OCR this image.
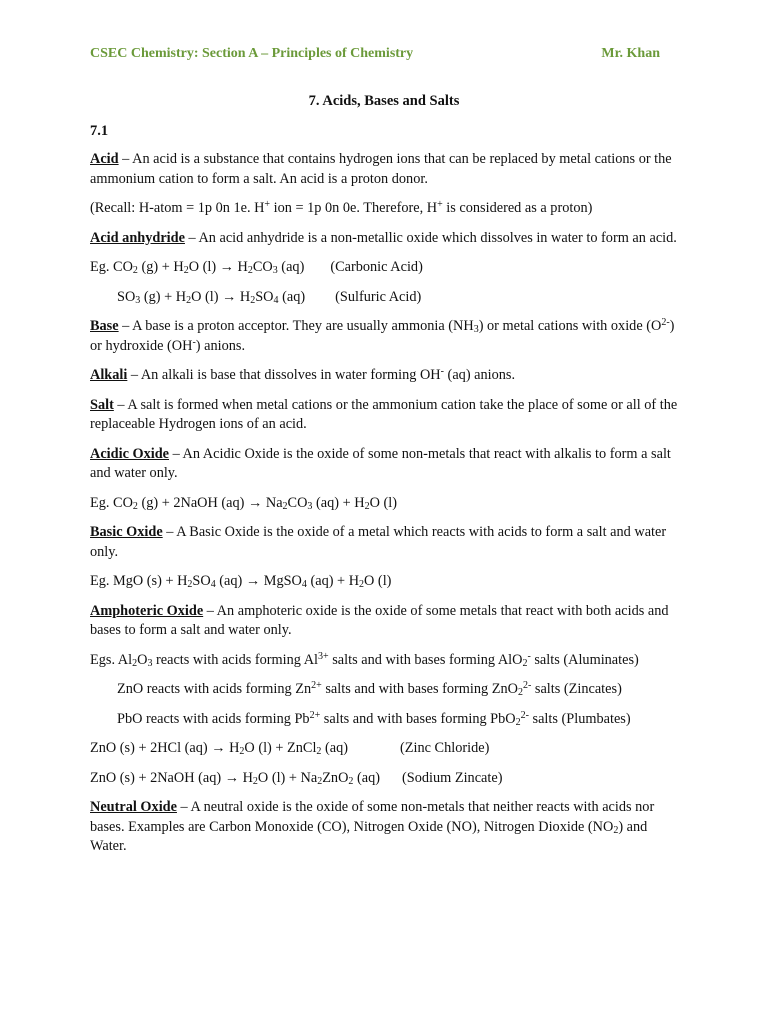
CSEC Chemistry: Section A – Principles of Chemistry	Mr. Khan
7. Acids, Bases and Salts
7.1

Acid – An acid is a substance that contains hydrogen ions that can be replaced by metal cations or the ammonium cation to form a salt. An acid is a proton donor.

(Recall: H-atom = 1p 0n 1e. H+ ion = 1p 0n 0e. Therefore, H+ is considered as a proton)

Acid anhydride – An acid anhydride is a non-metallic oxide which dissolves in water to form an acid.

Eg. $CO_2$ $(g) + H_2O$ $(l) \to H_2CO_3$ (aq) (Carbonic Acid)

$SO_3$ $(g) + H_2O$ $(l) \to H_2SO_4$ (aq) (Sulfuric Acid)

Base – A base is a proton acceptor. They are usually ammonia $(NH_3)$ or metal cations with oxide $(O^{2-})$ or hydroxide (OH-) anions.

Alkali – An alkali is base that dissolves in water forming OH- (aq) anions.

Salt – A salt is formed when metal cations or the ammonium cation take the place of some or all of the replaceable Hydrogen ions of an acid.

Acidic Oxide – An Acidic Oxide is the oxide of some non-metals that react with alkalis to form a salt and water only.

Eg. $CO_2$ (g) + 2NaOH $(aq) \to Na_2CO_3$ $(aq) + H_2O$ (l)

Basic Oxide – A Basic Oxide is the oxide of a metal which reacts with acids to form a salt and water only.

Eg. MgO $(s) + H_2SO_4$ (aq) → MgSO$_4$ $(aq) + H_2O$ (l)

Amphoteric Oxide – An amphoteric oxide is the oxide of some metals that react with both acids and bases to form a salt and water only.

Egs. $Al_2O_3$ reacts with acids forming $Al^{3+}$ salts and with bases forming AlO$_2$- salts (Aluminates)

ZnO reacts with acids forming $Zn^{2+}$ salts and with bases forming ZnO$_2^{2-}$ salts (Zincates)

PbO reacts with acids forming $Pb^{2+}$ salts and with bases forming PbO$_2^{2-}$ salts (Plumbates)

ZnO (s) + 2HCl $(aq) \to H_2O$ (l) + ZnCl$_2$ (aq)	(Zinc Chloride)

ZnO (s) + 2NaOH $(aq) \to H_2O$ $(l) + Na_2ZnO_2$ (aq) (Sodium Zincate)

Neutral Oxide – A neutral oxide is the oxide of some non-metals that neither reacts with acids nor bases. Examples are Carbon Monoxide (CO), Nitrogen Oxide (NO), Nitrogen Dioxide $(NO_2)$ and Water.
